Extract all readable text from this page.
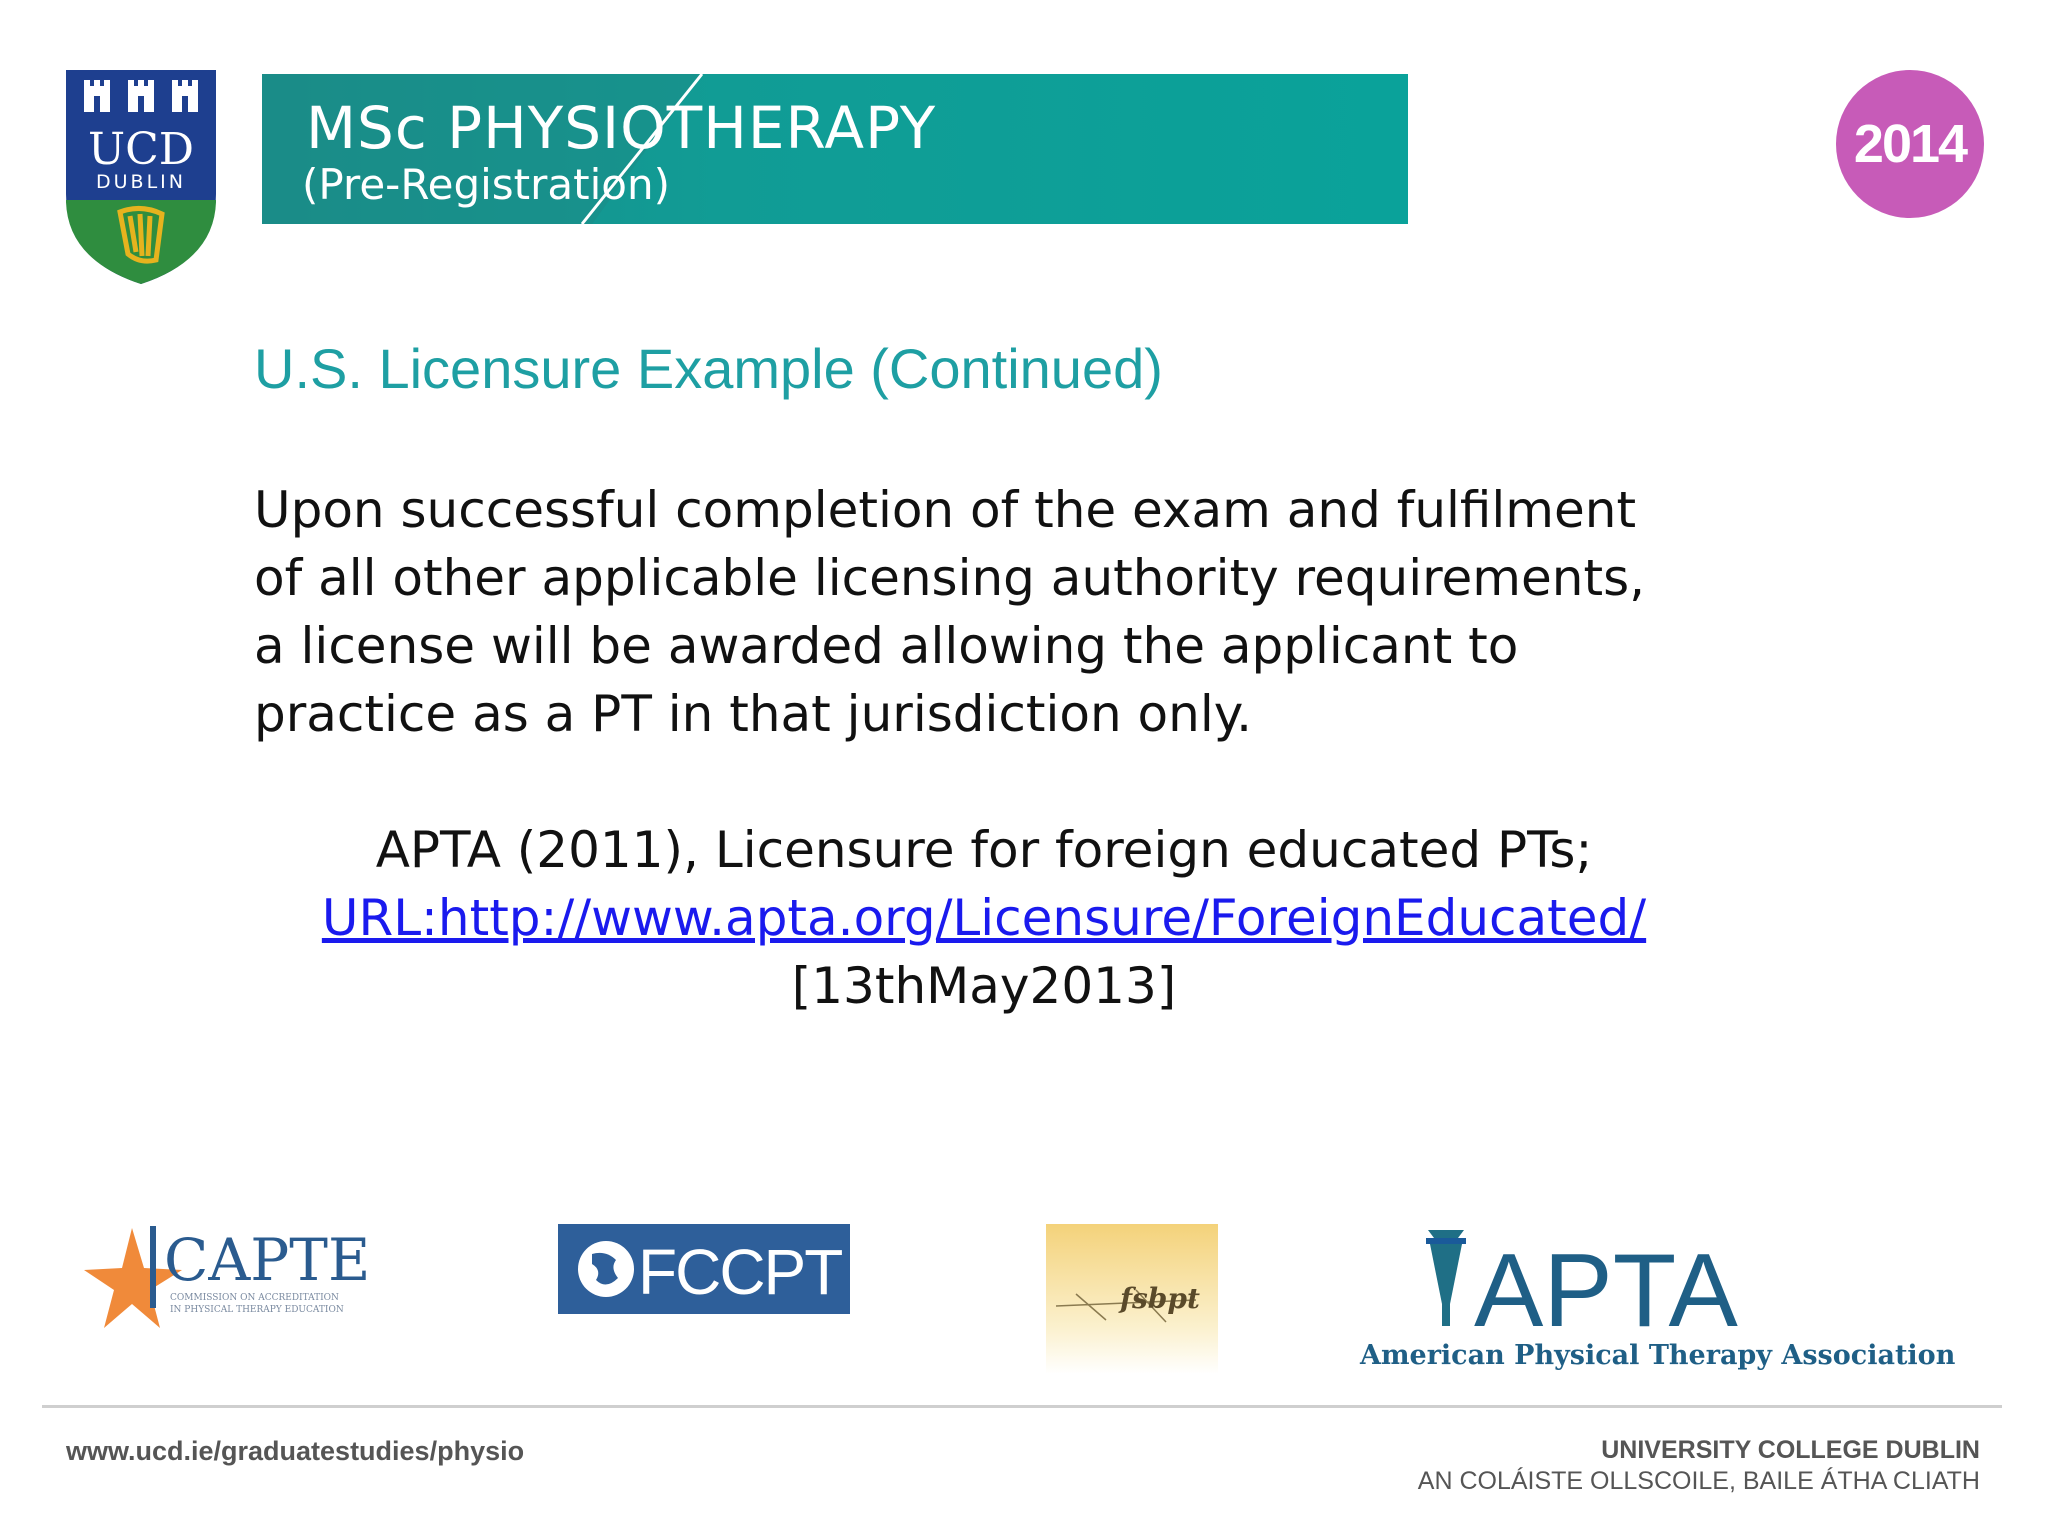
UCD
DUBLIN
MSc PHYSIOTHERAPY
(Pre-Registration)
2014
U.S. Licensure Example (Continued)
Upon successful completion of the exam and fulfilment of all other applicable licensing authority requirements, a license will be awarded allowing the applicant to practice as a PT in that jurisdiction only.
APTA (2011), Licensure for foreign educated PTs;
URL:http://www.apta.org/Licensure/ForeignEducated/
[13thMay2013]
CAPTE
COMMISSION ON ACCREDITATION
IN PHYSICAL THERAPY EDUCATION
FCCPT	fsbpt	APTA
American Physical Therapy Association
www.ucd.ie/graduatestudies/physio	UNIVERSITY COLLEGE DUBLIN
AN COLÁISTE OLLSCOILE, BAILE ÁTHA CLIATH
